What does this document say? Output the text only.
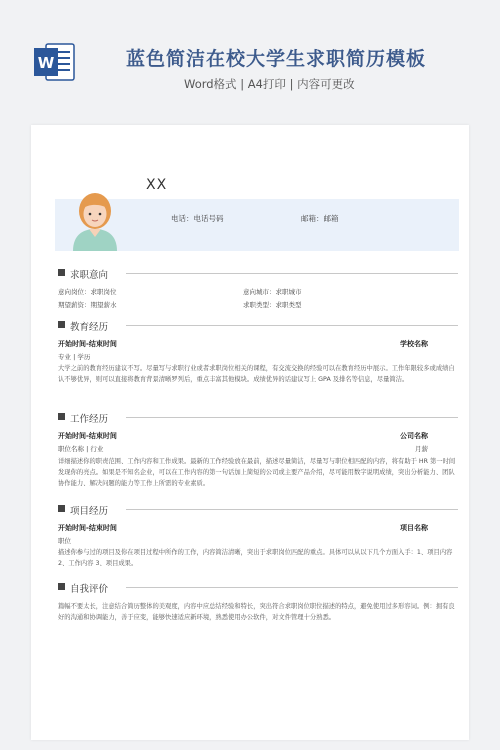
W	蓝色简洁在校大学生求职简历模板
Word格式 | A4打印 | 内容可更改
XX
电话：电话号码	邮箱：邮箱
求职意向
意向岗位：求职岗位	意向城市：求职城市
期望薪资：期望薪水	求职类型：求职类型
教育经历
开始时间-结束时间	学校名称
专业 | 学历
大学之前的教育经历建议不写。尽量写与求职行业或者求职岗位相关的课程，有交流交换的经验可以在教育经历中展示。工作年限较多或成绩自认不够优异，则可以直接将教育背景清晰罗列后，重点丰富其他模块。成绩优异的话建议写上 GPA 及排名等信息，尽量简洁。
工作经历
开始时间-结束时间	公司名称
职位名称 | 行业	月薪
详细描述你的职责范围、工作内容和工作成果。最新的工作经验放在最前，描述尽量简洁，尽量写与职位相匹配的内容，将有助于 HR 第一时间发现你的亮点。如果是不知名企业，可以在工作内容的第一句话加上简短的公司或主要产品介绍，尽可能用数字说明成绩，突出分析能力、团队协作能力、解决问题的能力等工作上所需的专业素质。
项目经历
开始时间-结束时间	项目名称
职位
描述你参与过的项目及你在项目过程中所作的工作，内容简洁清晰，突出于求职岗位匹配的重点。具体可以从以下几个方面入手：1、项目内容 2、工作内容 3、项目成果。
自我评价
篇幅不要太长，注意结合简历整体的美观度，内容中应总结经验和特长，突出符合求职岗位职位描述的特点，避免使用过多形容词。例：拥有良好的沟通和协调能力，善于应变，能够快速适应新环境，熟悉使用办公软件，对文件管理十分熟悉。
